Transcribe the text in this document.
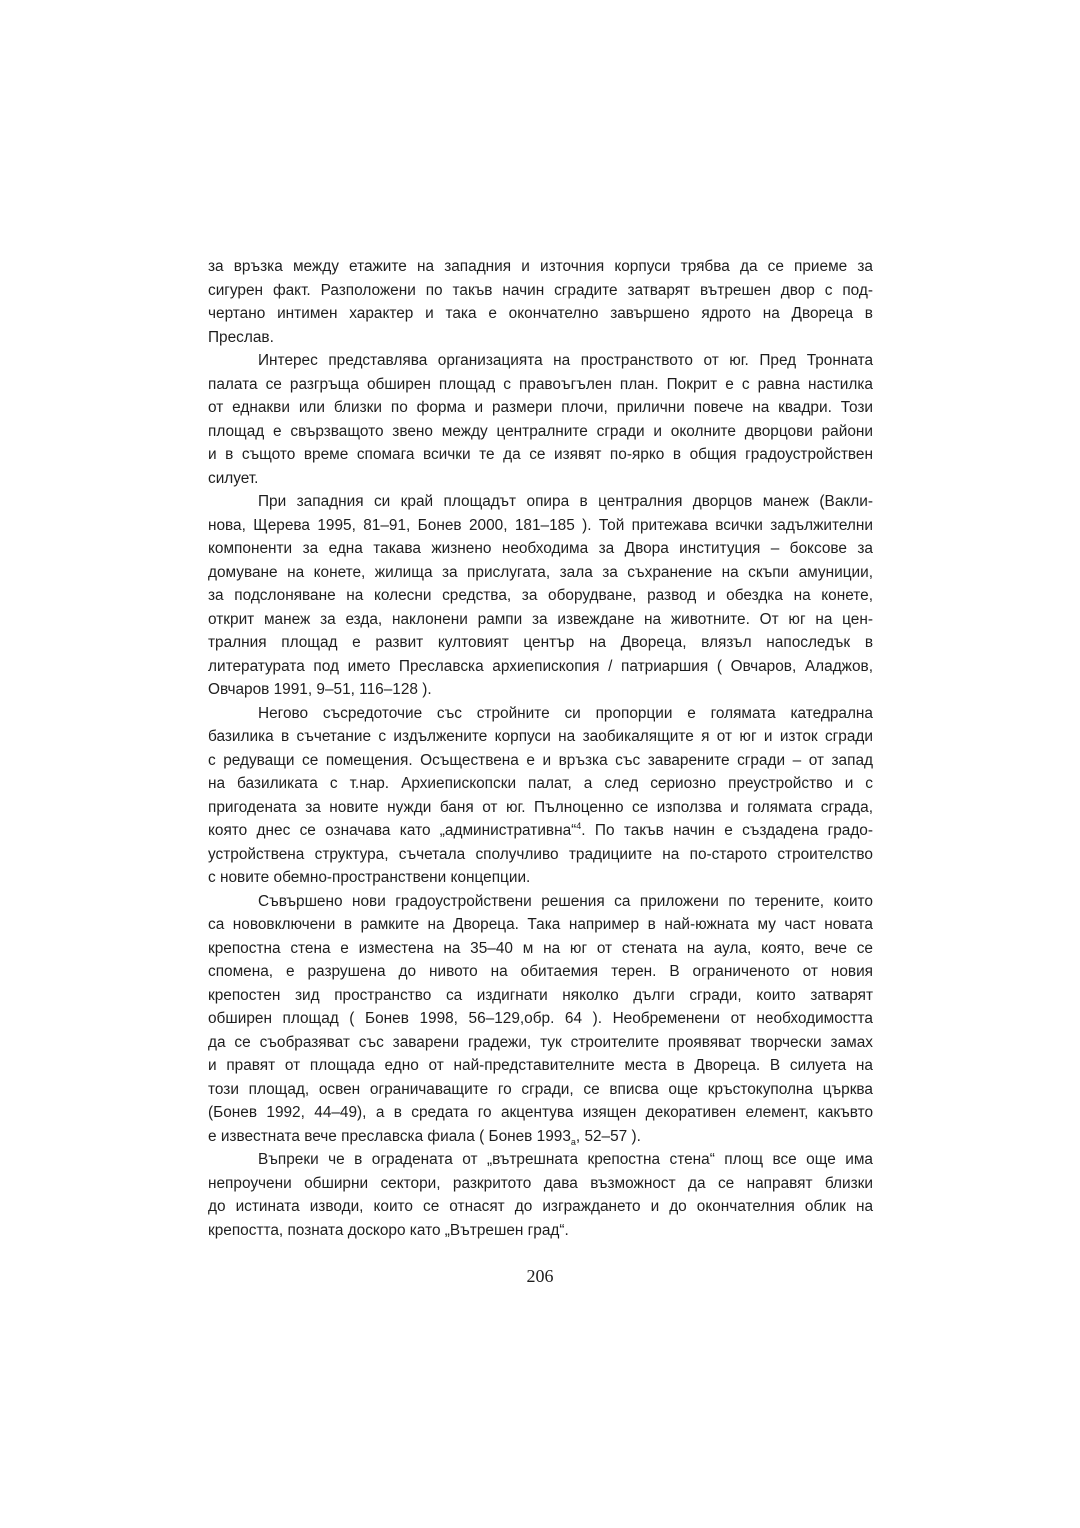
за връзка между етажите на западния и източния корпуси трябва да се приеме за
сигурен факт. Разположени по такъв начин сградите затварят вътрешен двор с под-
чертано интимен характер и така е окончателно завършено ядрото на Двореца в
Преслав.
Интерес представлява организацията на пространството от юг. Пред Тронната
палата се разгръща обширен площад с правоъгълен план. Покрит е с равна настилка
от еднакви или близки по форма и размери плочи, прилични повече на квадри. Този
площад е свързващото звено между централните сгради и околните дворцови райони
и в същото време спомага всички те да се изявят по-ярко в общия градоустройствен
силует.
При западния си край площадът опира в централния дворцов манеж (Вакли-
нова, Щерева 1995, 81–91, Бонев 2000, 181–185 ). Той притежава всички задължителни
компоненти за една такава жизнено необходима за Двора институция – боксове за
домуване на конете, жилища за прислугата, зала за съхранение на скъпи амуниции,
за подслоняване на колесни средства, за оборудване, развод и обездка на конете,
открит манеж за езда, наклонени рампи за извеждане на животните. От юг на цен-
тралния площад е развит култовият център на Двореца, влязъл напоследък в
литературата под името Преславска архиепископия / патриаршия ( Овчаров, Аладжов,
Овчаров 1991, 9–51, 116–128 ).
Негово съсредоточие със стройните си пропорции е голямата катедрална
базилика в съчетание с издължените корпуси на заобикалящите я от юг и изток сгради
с редуващи се помещения. Осъществена е и връзка със заварените сгради – от запад
на базиликата с т.нар. Архиепископски палат, а след сериозно преустройство и с
пригодената за новите нужди баня от юг. Пълноценно се използва и голямата сграда,
която днес се означава като „административна“$^4$. По такъв начин е създадена градо-
устройствена структура, съчетала сполучливо традициите на по-старото строителство
с новите обемно-пространствени концепции.
Съвършено нови градоустройствени решения са приложени по терените, които
са нововключени в рамките на Двореца. Така например в най-южната му част новата
крепостна стена е изместена на 35–40 м на юг от стената на аула, която, вече се
спомена, е разрушена до нивото на обитаемия терен. В ограниченото от новия
крепостен зид пространство са издигнати няколко дълги сгради, които затварят
обширен площад ( Бонев 1998, 56–129,обр. 64 ). Необременени от необходимостта
да се съобразяват със заварени градежи, тук строителите проявяват творчески замах
и правят от площада едно от най-представителните места в Двореца. В силуета на
този площад, освен ограничаващите го сгради, се вписва още кръстокуполна църква
(Бонев 1992, 44–49), а в средата го акцентува изящен декоративен елемент, какъвто
е известната вече преславска фиала ( Бонев $1993_а$, 52–57 ).
Въпреки че в оградената от „вътрешната крепостна стена“ площ все още има
непроучени обширни сектори, разкритото дава възможност да се направят близки
до истината изводи, които се отнасят до изграждането и до окончателния облик на
крепостта, позната доскоро като „Вътрешен град“.
206
